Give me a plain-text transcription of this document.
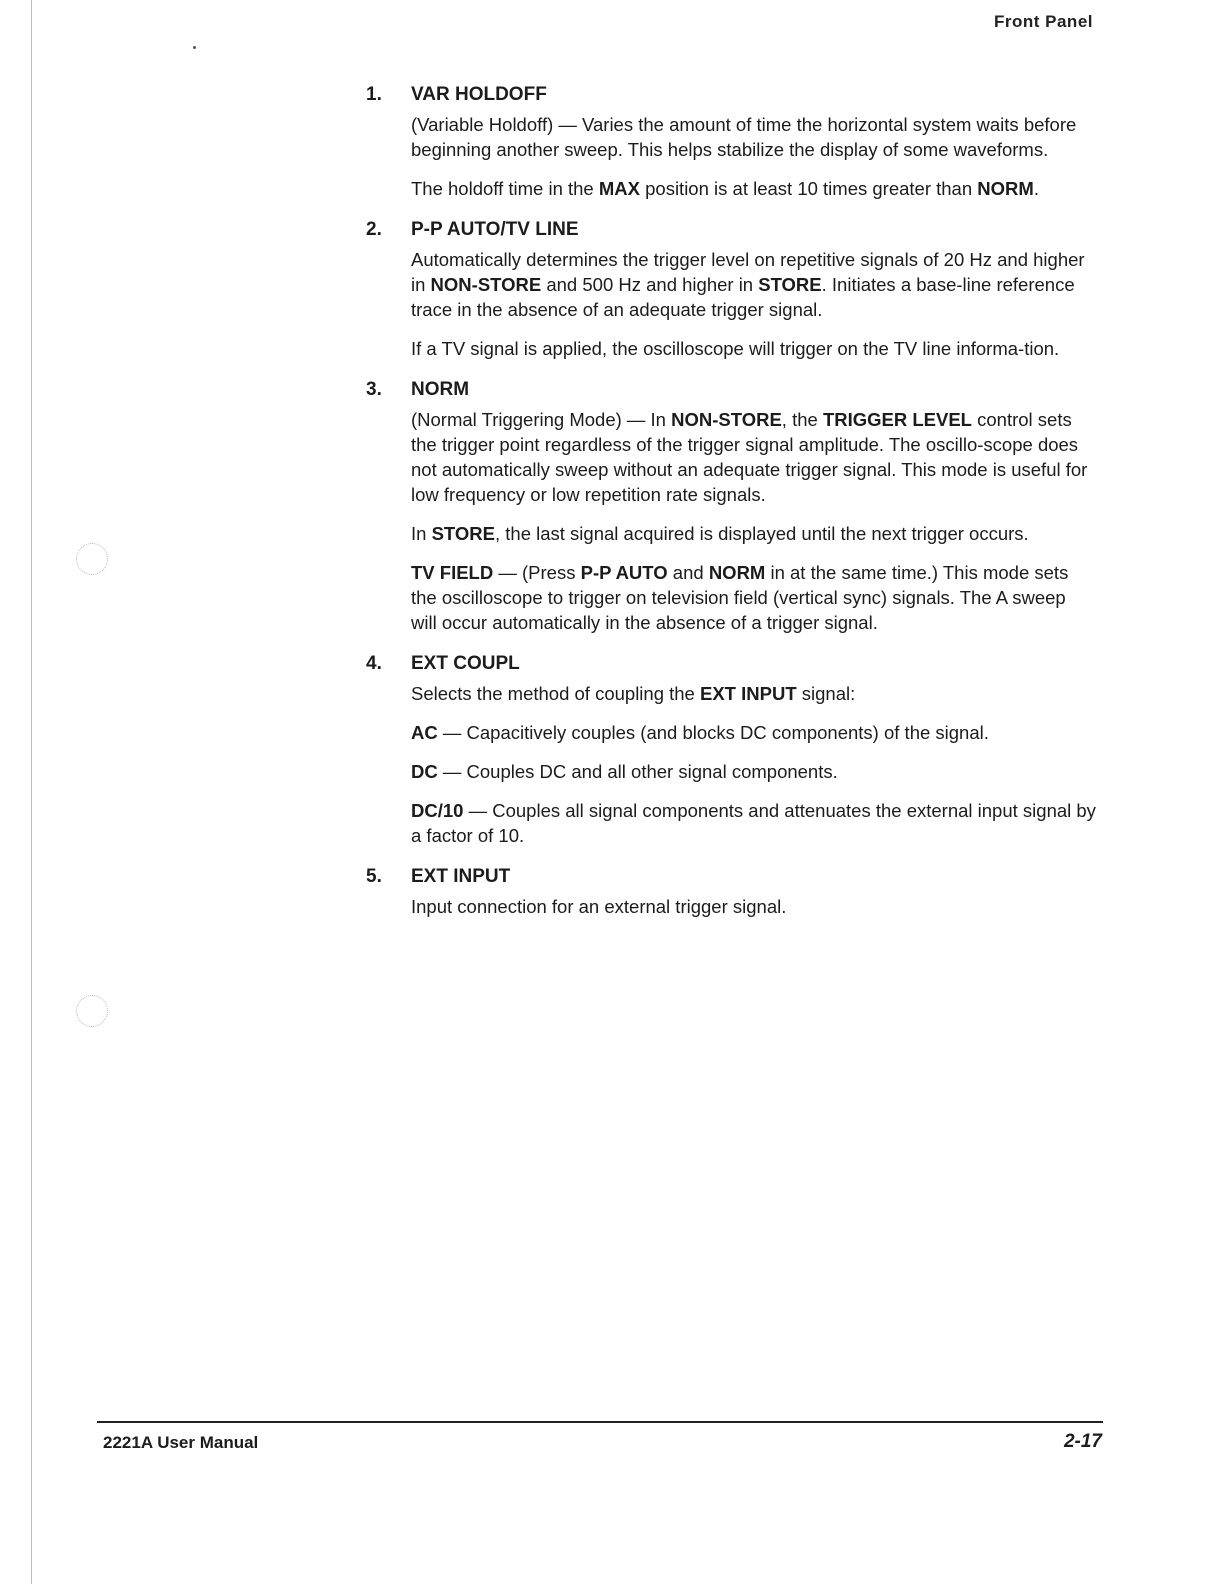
Front Panel
1. VAR HOLDOFF

(Variable Holdoff) — Varies the amount of time the horizontal system waits before beginning another sweep. This helps stabilize the display of some waveforms.

The holdoff time in the MAX position is at least 10 times greater than NORM.

2. P-P AUTO/TV LINE

Automatically determines the trigger level on repetitive signals of 20 Hz and higher in NON-STORE and 500 Hz and higher in STORE. Initiates a base-line reference trace in the absence of an adequate trigger signal.

If a TV signal is applied, the oscilloscope will trigger on the TV line informa-tion.

3. NORM

(Normal Triggering Mode) — In NON-STORE, the TRIGGER LEVEL control sets the trigger point regardless of the trigger signal amplitude. The oscillo-scope does not automatically sweep without an adequate trigger signal. This mode is useful for low frequency or low repetition rate signals.

In STORE, the last signal acquired is displayed until the next trigger occurs.

TV FIELD — (Press P-P AUTO and NORM in at the same time.) This mode sets the oscilloscope to trigger on television field (vertical sync) signals. The A sweep will occur automatically in the absence of a trigger signal.

4. EXT COUPL

Selects the method of coupling the EXT INPUT signal:

AC — Capacitively couples (and blocks DC components) of the signal.

DC — Couples DC and all other signal components.

DC/10 — Couples all signal components and attenuates the external input signal by a factor of 10.

5. EXT INPUT

Input connection for an external trigger signal.

2221A User Manual	2-17
